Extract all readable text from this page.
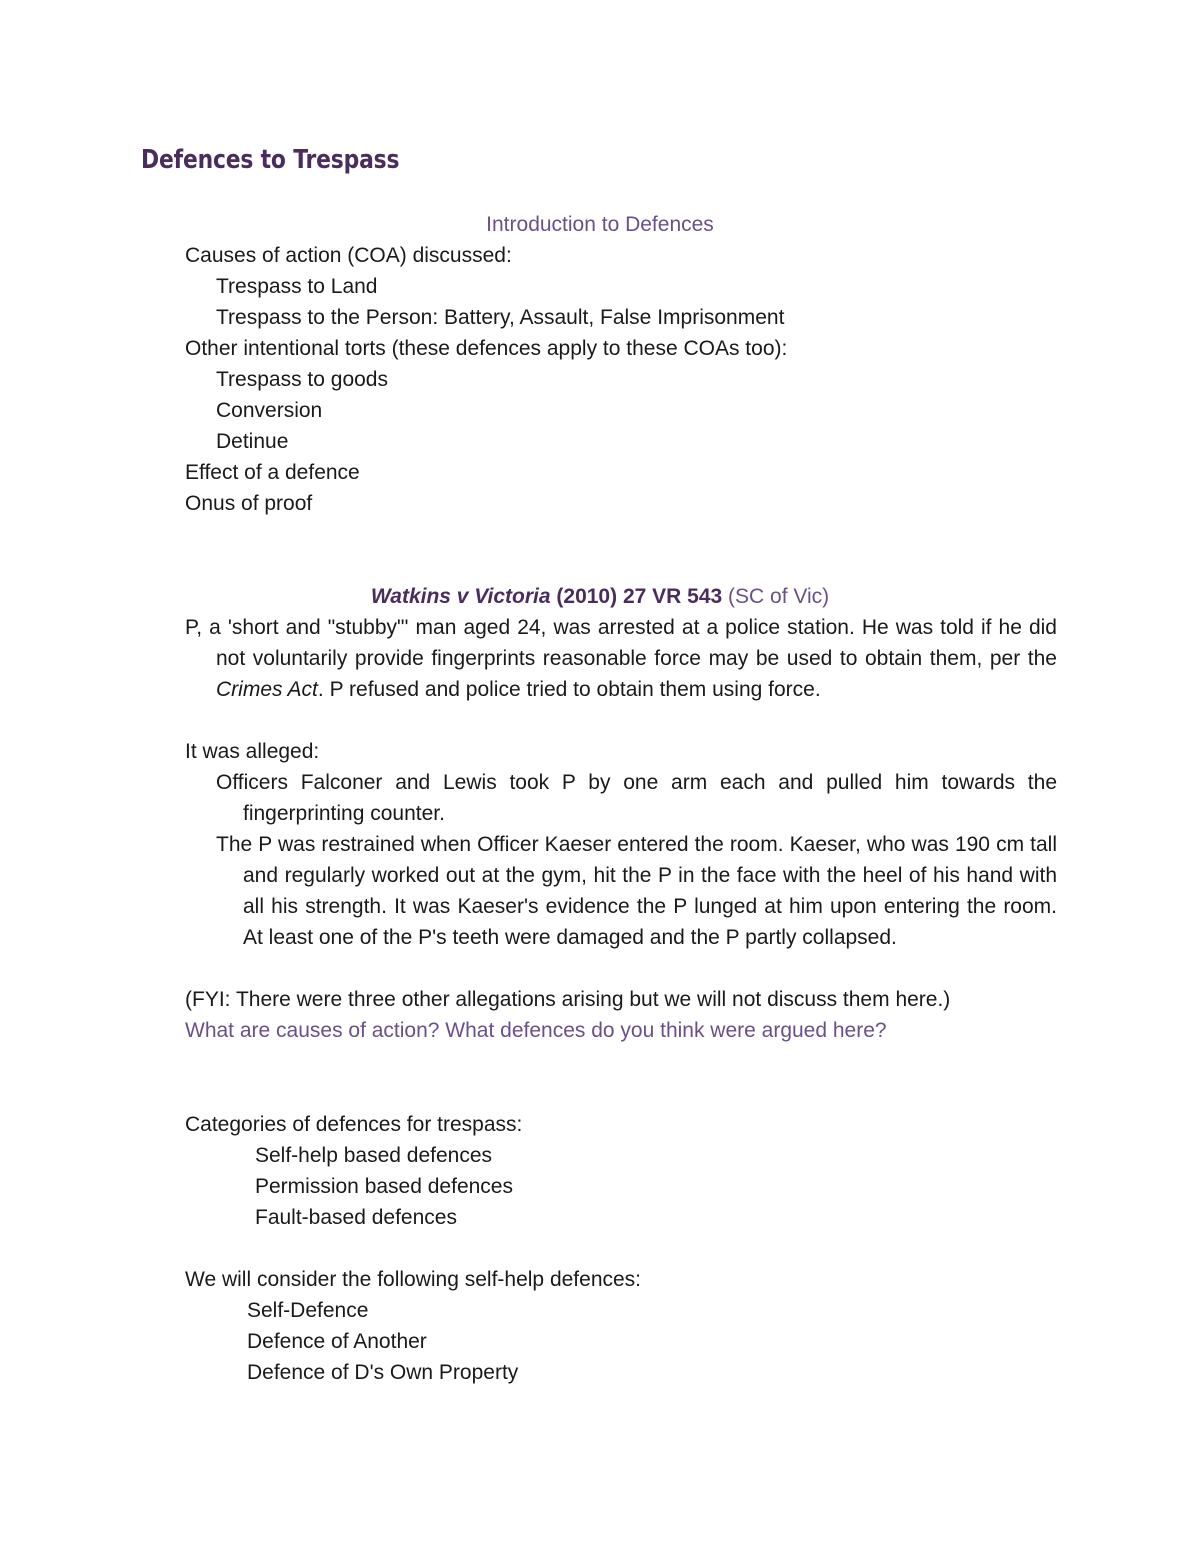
Defences to Trespass
Introduction to Defences
Causes of action (COA) discussed:
Trespass to Land
Trespass to the Person: Battery, Assault, False Imprisonment
Other intentional torts (these defences apply to these COAs too):
Trespass to goods
Conversion
Detinue
Effect of a defence
Onus of proof
Watkins v Victoria (2010) 27 VR 543 (SC of Vic)
P, a 'short and "stubby"' man aged 24, was arrested at a police station. He was told if he did not voluntarily provide fingerprints reasonable force may be used to obtain them, per the Crimes Act. P refused and police tried to obtain them using force.
It was alleged:
Officers Falconer and Lewis took P by one arm each and pulled him towards the fingerprinting counter.
The P was restrained when Officer Kaeser entered the room. Kaeser, who was 190 cm tall and regularly worked out at the gym, hit the P in the face with the heel of his hand with all his strength. It was Kaeser's evidence the P lunged at him upon entering the room. At least one of the P's teeth were damaged and the P partly collapsed.
(FYI: There were three other allegations arising but we will not discuss them here.)
What are causes of action? What defences do you think were argued here?
Categories of defences for trespass:
Self-help based defences
Permission based defences
Fault-based defences
We will consider the following self-help defences:
Self-Defence
Defence of Another
Defence of D's Own Property
